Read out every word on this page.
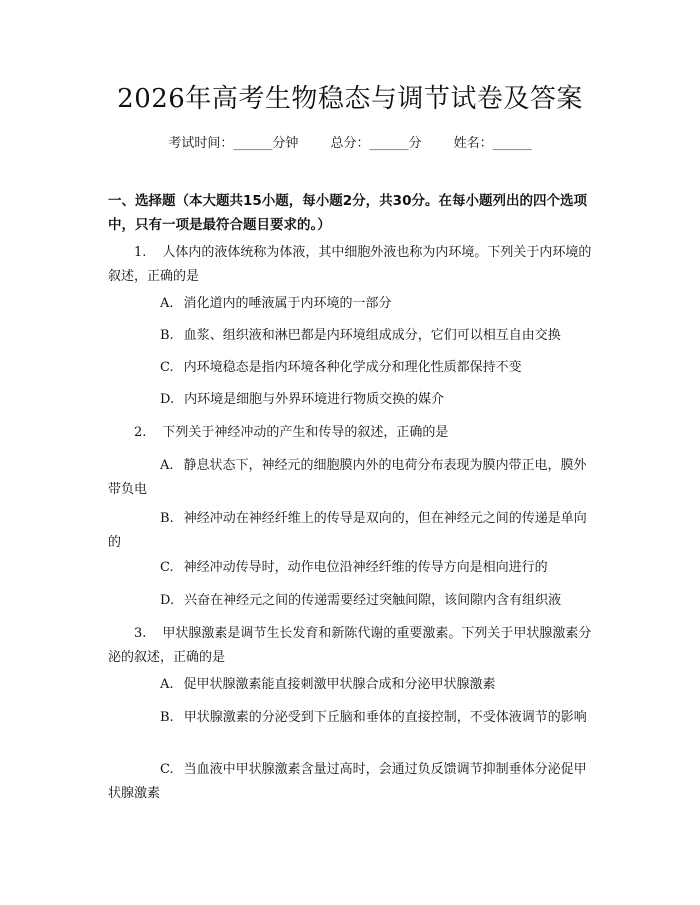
2026年高考生物稳态与调节试卷及答案
考试时间：______分钟 总分：______分 姓名：______
一、选择题（本大题共15小题，每小题2分，共30分。在每小题列出的四个选项中，只有一项是最符合题目要求的。）
1. 人体内的液体统称为体液，其中细胞外液也称为内环境。下列关于内环境的叙述，正确的是
A. 消化道内的唾液属于内环境的一部分
B. 血浆、组织液和淋巴都是内环境组成成分，它们可以相互自由交换
C. 内环境稳态是指内环境各种化学成分和理化性质都保持不变
D. 内环境是细胞与外界环境进行物质交换的媒介
2. 下列关于神经冲动的产生和传导的叙述，正确的是
A. 静息状态下，神经元的细胞膜内外的电荷分布表现为膜内带正电，膜外带负电
B. 神经冲动在神经纤维上的传导是双向的，但在神经元之间的传递是单向的
C. 神经冲动传导时，动作电位沿神经纤维的传导方向是相向进行的
D. 兴奋在神经元之间的传递需要经过突触间隙，该间隙内含有组织液
3. 甲状腺激素是调节生长发育和新陈代谢的重要激素。下列关于甲状腺激素分泌的叙述，正确的是
A. 促甲状腺激素能直接刺激甲状腺合成和分泌甲状腺激素
B. 甲状腺激素的分泌受到下丘脑和垂体的直接控制，不受体液调节的影响
C. 当血液中甲状腺激素含量过高时，会通过负反馈调节抑制垂体分泌促甲状腺激素
